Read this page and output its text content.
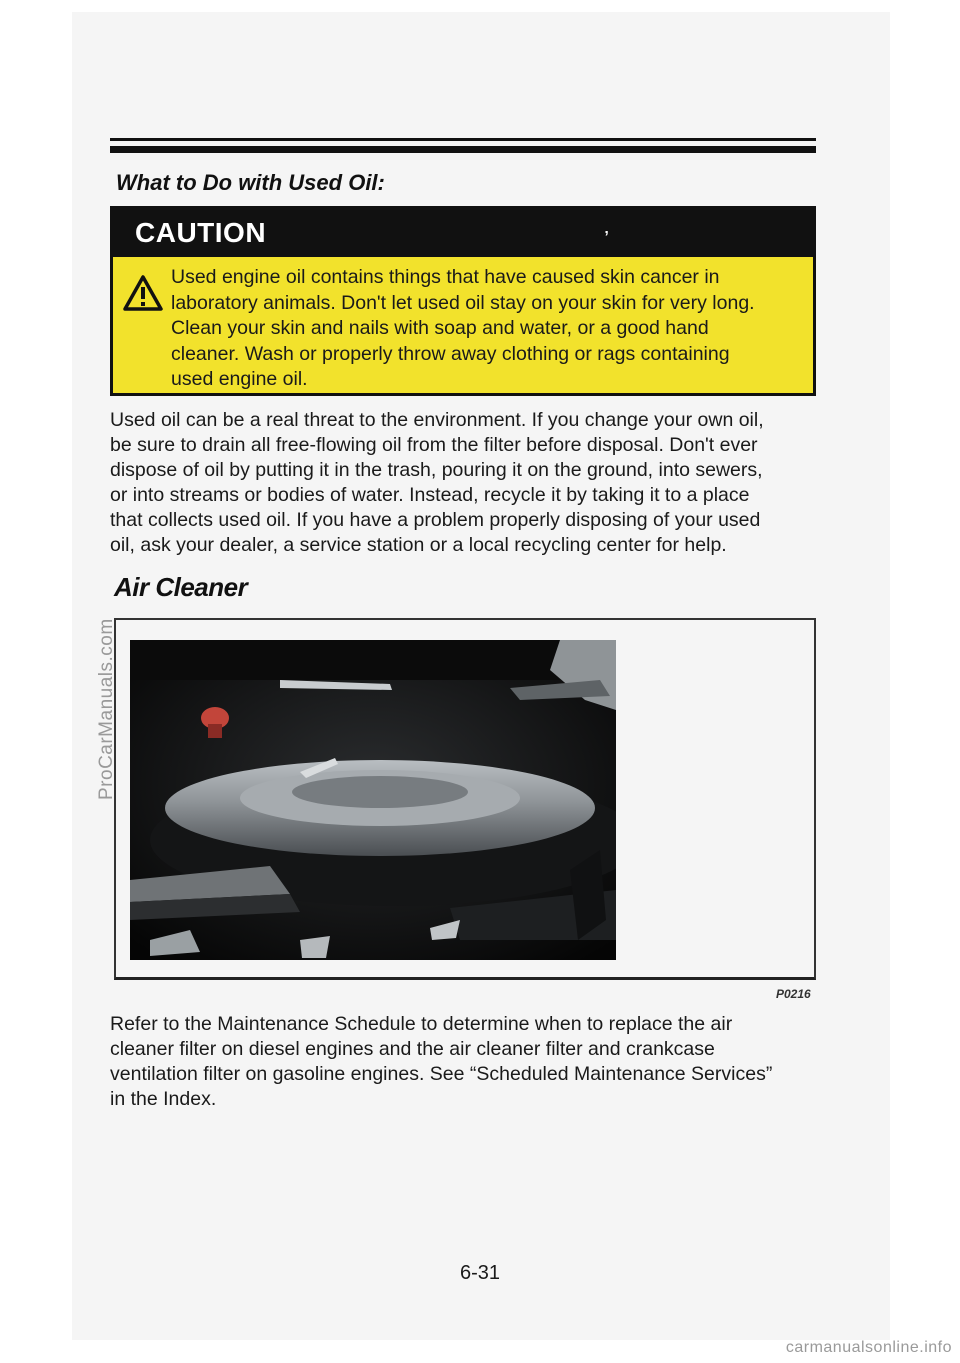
What to Do with Used Oil:
CAUTION	ʼ
Used engine oil contains things that have caused skin cancer in
laboratory animals. Don't let used oil stay on your skin for very long.
Clean your skin and nails with soap and water, or a good hand
cleaner. Wash or properly throw away clothing or rags containing
used engine oil.
Used oil can be a real threat to the environment. If you change your own oil,
be sure to drain all free-flowing oil from the filter before disposal. Don't ever
dispose of oil by putting it in the trash, pouring it on the ground, into sewers,
or into streams or bodies of water. Instead, recycle it by taking it to a place
that collects used oil. If you have a problem properly disposing of your used
oil, ask your dealer, a service station or a local recycling center for help.
Air Cleaner
P0216
Refer to the Maintenance Schedule to determine when to replace the air
cleaner filter on diesel engines and the air cleaner filter and crankcase
ventilation filter on gasoline engines. See “Scheduled Maintenance Services”
in the Index.
6-31
ProCarManuals.com
carmanualsonline.info
